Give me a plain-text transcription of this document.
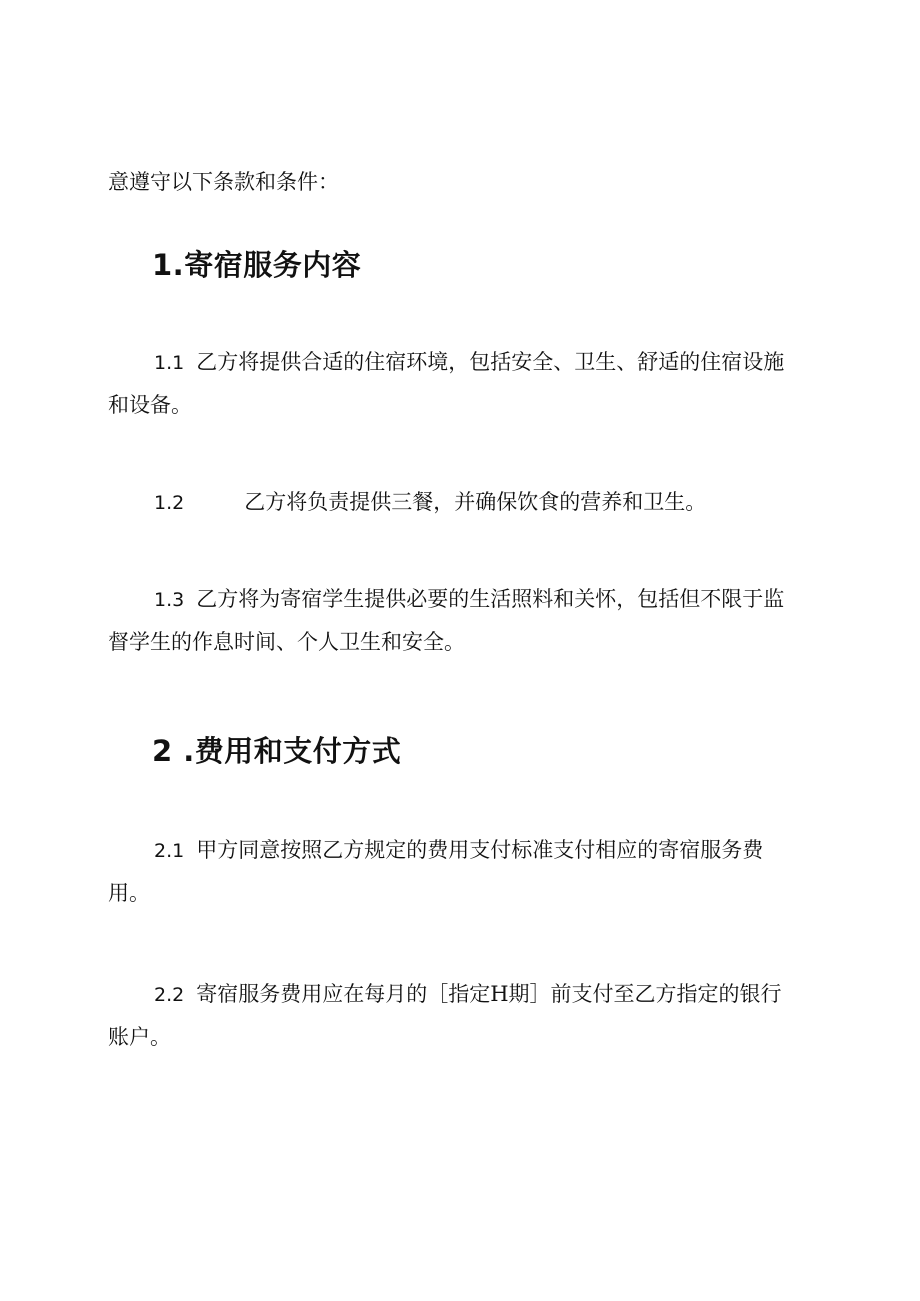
意遵守以下条款和条件：
1.寄宿服务内容
1.1 乙方将提供合适的住宿环境，包括安全、卫生、舒适的住宿设施
和设备。
1.2	乙方将负责提供三餐，并确保饮食的营养和卫生。
1.3 乙方将为寄宿学生提供必要的生活照料和关怀，包括但不限于监
督学生的作息时间、个人卫生和安全。
2 .费用和支付方式
2.1 甲方同意按照乙方规定的费用支付标准支付相应的寄宿服务费
用。
2.2 寄宿服务费用应在每月的［指定H期］前支付至乙方指定的银行
账户。
